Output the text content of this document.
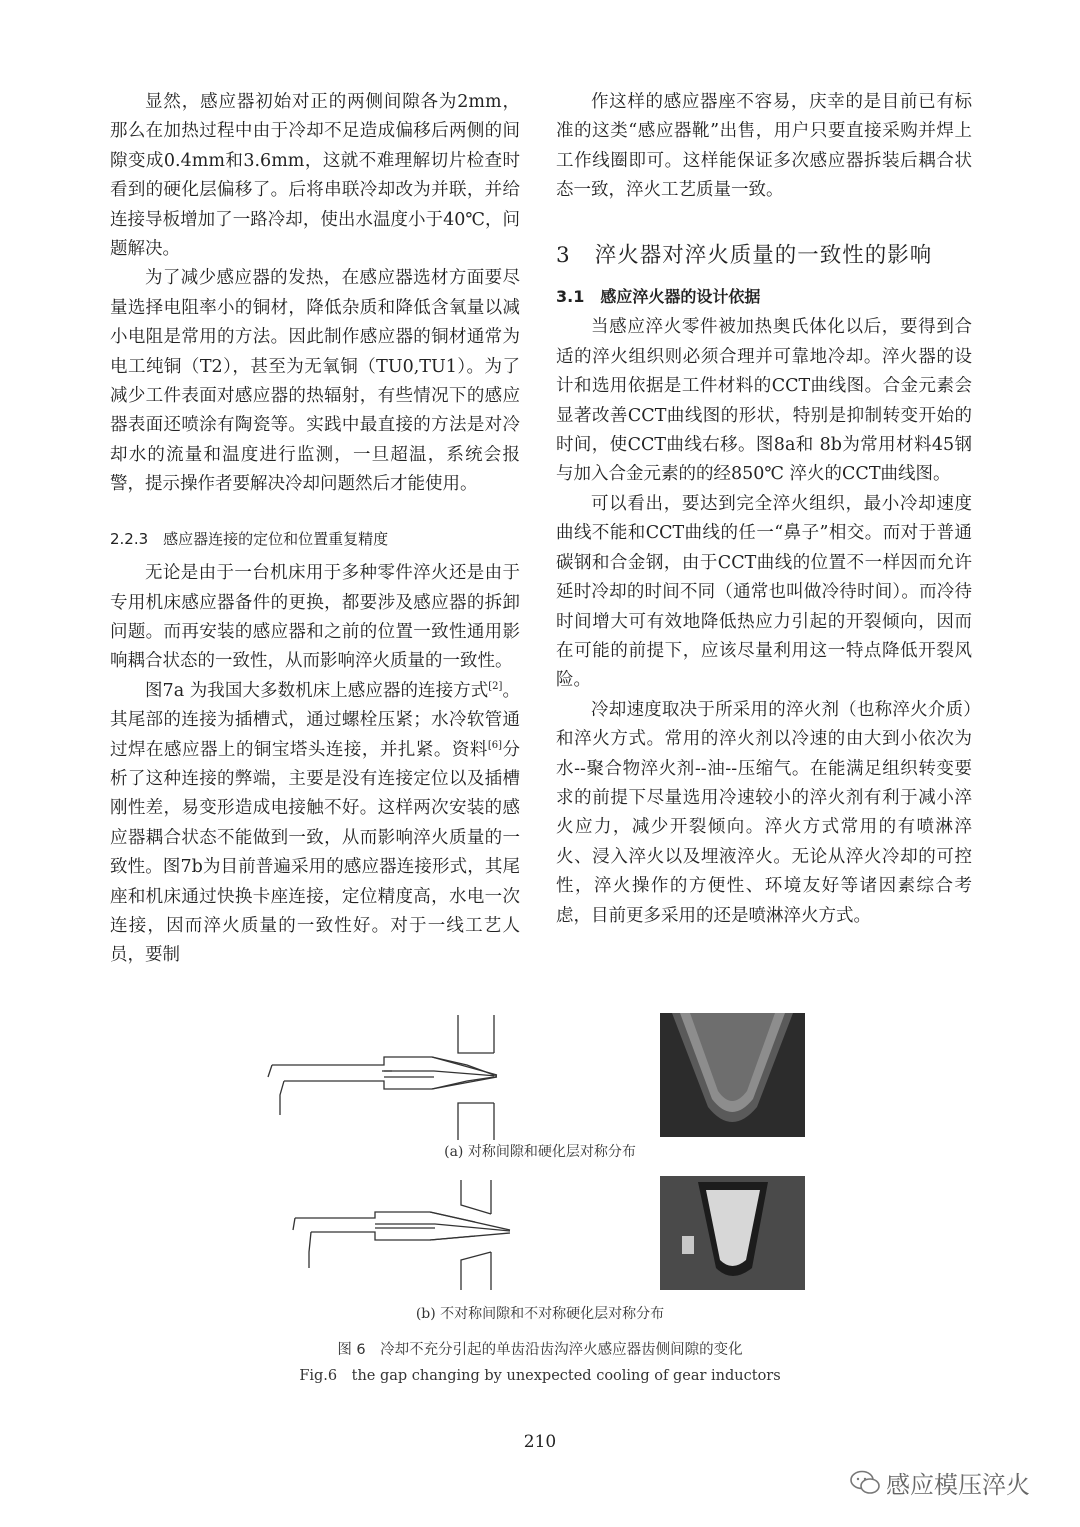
显然，感应器初始对正的两侧间隙各为2mm，那么在加热过程中由于冷却不足造成偏移后两侧的间隙变成0.4mm和3.6mm，这就不难理解切片检查时看到的硬化层偏移了。后将串联冷却改为并联，并给连接导板增加了一路冷却，使出水温度小于40℃，问题解决。

为了减少感应器的发热，在感应器选材方面要尽量选择电阻率小的铜材，降低杂质和降低含氧量以减小电阻是常用的方法。因此制作感应器的铜材通常为电工纯铜（T2），甚至为无氧铜（TU0,TU1）。为了减少工件表面对感应器的热辐射，有些情况下的感应器表面还喷涂有陶瓷等。实践中最直接的方法是对冷却水的流量和温度进行监测，一旦超温，系统会报警，提示操作者要解决冷却问题然后才能使用。

2.2.3　感应器连接的定位和位置重复精度

无论是由于一台机床用于多种零件淬火还是由于专用机床感应器备件的更换，都要涉及感应器的拆卸问题。而再安装的感应器和之前的位置一致性通用影响耦合状态的一致性，从而影响淬火质量的一致性。

图7a 为我国大多数机床上感应器的连接方式[2]。其尾部的连接为插槽式，通过螺栓压紧；水冷软管通过焊在感应器上的铜宝塔头连接，并扎紧。资料[6]分析了这种连接的弊端，主要是没有连接定位以及插槽刚性差，易变形造成电接触不好。这样两次安装的感应器耦合状态不能做到一致，从而影响淬火质量的一致性。图7b为目前普遍采用的感应器连接形式，其尾座和机床通过快换卡座连接，定位精度高，水电一次连接，因而淬火质量的一致性好。对于一线工艺人员，要制

作这样的感应器座不容易，庆幸的是目前已有标准的这类“感应器靴”出售，用户只要直接采购并焊上工作线圈即可。这样能保证多次感应器拆装后耦合状态一致，淬火工艺质量一致。

3 淬火器对淬火质量的一致性的影响
3.1 感应淬火器的设计依据

当感应淬火零件被加热奥氏体化以后，要得到合适的淬火组织则必须合理并可靠地冷却。淬火器的设计和选用依据是工件材料的CCT曲线图。合金元素会显著改善CCT曲线图的形状，特别是抑制转变开始的时间，使CCT曲线右移。图8a和 8b为常用材料45钢与加入合金元素的的经850℃ 淬火的CCT曲线图。

可以看出，要达到完全淬火组织，最小冷却速度曲线不能和CCT曲线的任一“鼻子”相交。而对于普通碳钢和合金钢，由于CCT曲线的位置不一样因而允许延时冷却的时间不同（通常也叫做冷待时间）。而冷待时间增大可有效地降低热应力引起的开裂倾向，因而在可能的前提下，应该尽量利用这一特点降低开裂风险。

冷却速度取决于所采用的淬火剂（也称淬火介质）和淬火方式。常用的淬火剂以冷速的由大到小依次为水--聚合物淬火剂--油--压缩气。在能满足组织转变要求的前提下尽量选用冷速较小的淬火剂有利于减小淬火应力，减少开裂倾向。淬火方式常用的有喷淋淬火、浸入淬火以及埋液淬火。无论从淬火冷却的可控性，淬火操作的方便性、环境友好等诸因素综合考虑，目前更多采用的还是喷淋淬火方式。

(a) 对称间隙和硬化层对称分布
(b) 不对称间隙和不对称硬化层对称分布
图 6　冷却不充分引起的单齿沿齿沟淬火感应器齿侧间隙的变化
Fig.6　the gap changing by unexpected cooling of gear inductors
210
感应模压淬火
